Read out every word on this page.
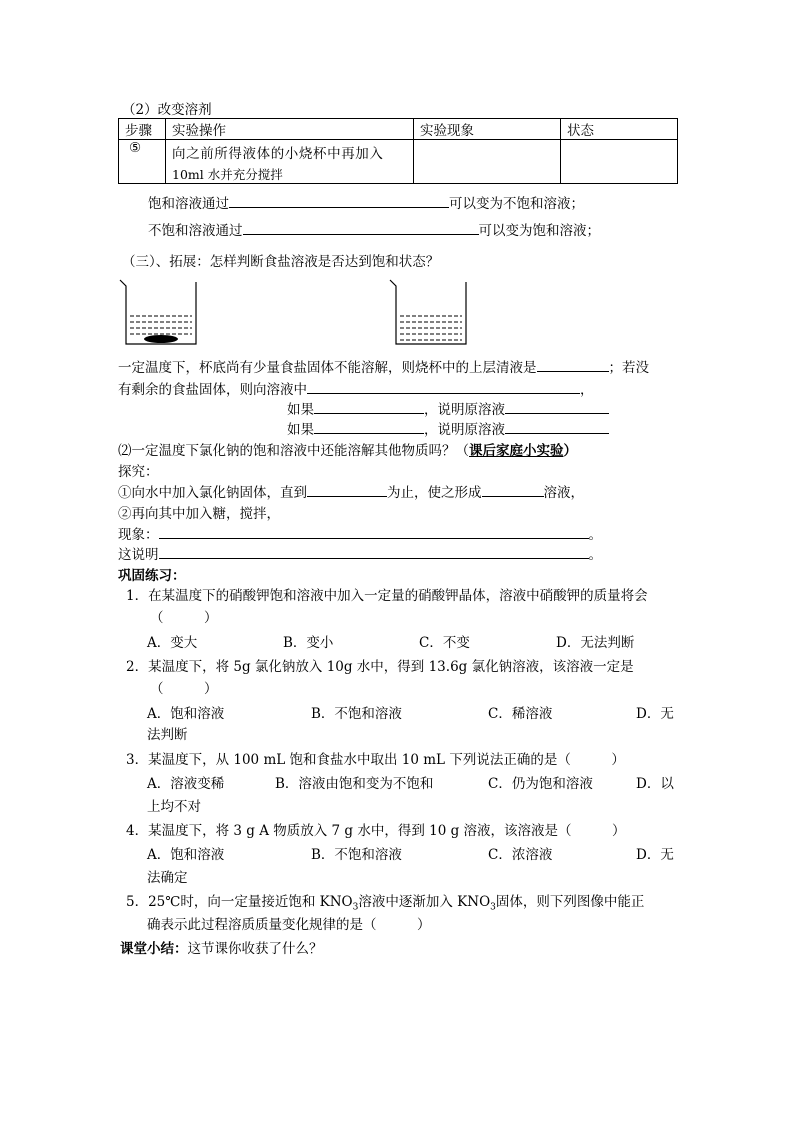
（2）改变溶剂
步骤	实验操作	实验现象	状态
⑤	向之前所得液体的小烧杯中再加入
10ml 水并充分搅拌		

饱和溶液通过	可以变为不饱和溶液；
不饱和溶液通过	可以变为饱和溶液；
（三）、拓展：怎样判断食盐溶液是否达到饱和状态？
一定温度下，杯底尚有少量食盐固体不能溶解，则烧杯中的上层清液是	；若没
有剩余的食盐固体，则向溶液中	，
如果	，说明原溶液
如果	，说明原溶液
⑵一定温度下氯化钠的饱和溶液中还能溶解其他物质吗？（课后家庭小实验）
探究：
①向水中加入氯化钠固体，直到	为止，使之形成	溶液，
②再向其中加入糖，搅拌，
现象：	。
这说明	。
巩固练习：
1．在某温度下的硝酸钾饱和溶液中加入一定量的硝酸钾晶体，溶液中硝酸钾的质量将会
（　　　）
A．变大	B．变小	C．不变	D．无法判断
2．某温度下，将 5g 氯化钠放入 10g 水中，得到 13.6g 氯化钠溶液，该溶液一定是
（　　　）
A．饱和溶液	B．不饱和溶液	C．稀溶液	D．无
法判断
3．某温度下，从 100 mL 饱和食盐水中取出 10 mL 下列说法正确的是（　　　）
A．溶液变稀	B．溶液由饱和变为不饱和	C．仍为饱和溶液	D．以
上均不对
4．某温度下，将 3 g A 物质放入 7 g 水中，得到 10 g 溶液，该溶液是（　　　）
A．饱和溶液	B．不饱和溶液	C．浓溶液	D．无
法确定
5．25℃时，向一定量接近饱和 $KNO_3$溶液中逐渐加入 $KNO_3$固体，则下列图像中能正
确表示此过程溶质质量变化规律的是（　　　）
课堂小结：这节课你收获了什么？
